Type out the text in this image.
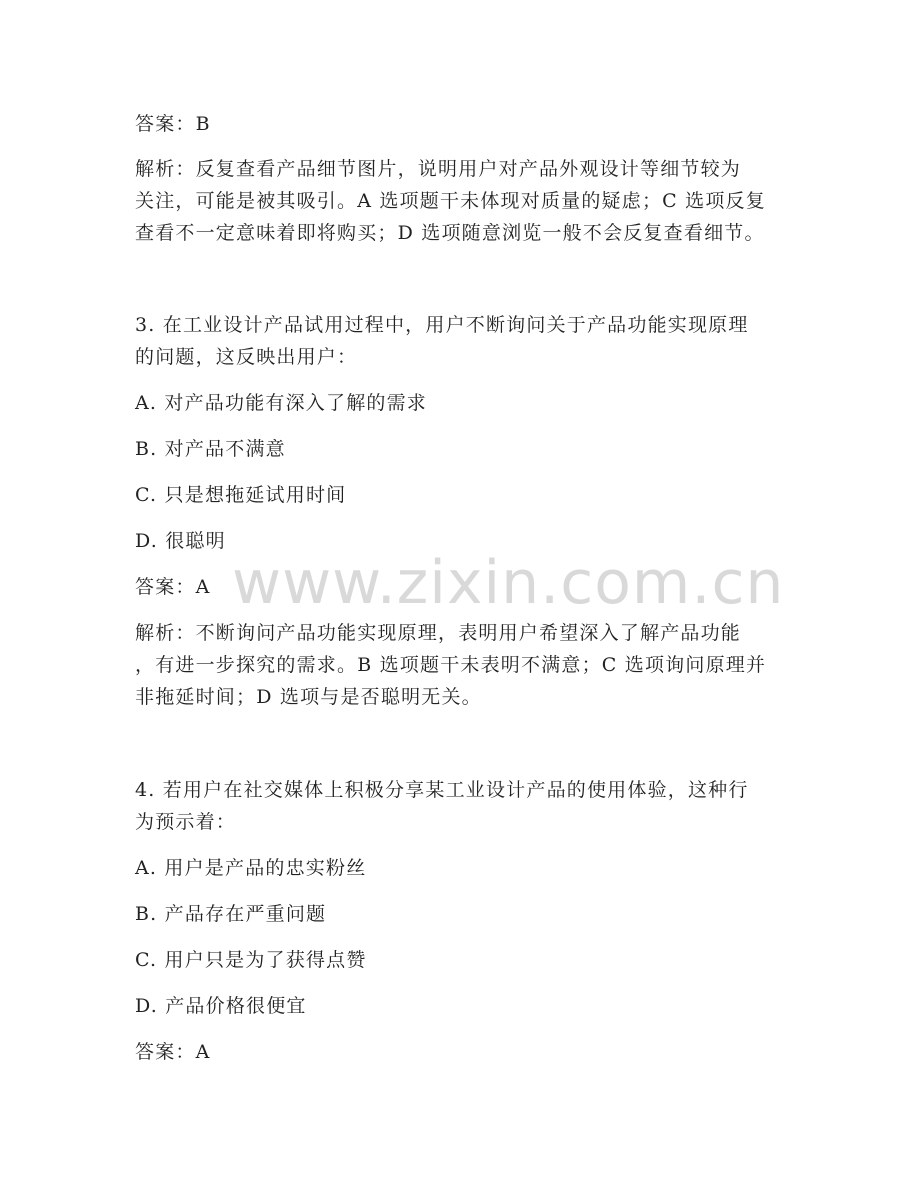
答案：B
解析：反复查看产品细节图片，说明用户对产品外观设计等细节较为
关注，可能是被其吸引。A 选项题干未体现对质量的疑虑；C 选项反复
查看不一定意味着即将购买；D 选项随意浏览一般不会反复查看细节。
3. 在工业设计产品试用过程中，用户不断询问关于产品功能实现原理
的问题，这反映出用户：
A. 对产品功能有深入了解的需求
B. 对产品不满意
C. 只是想拖延试用时间
D. 很聪明
答案：A
解析：不断询问产品功能实现原理，表明用户希望深入了解产品功能
，有进一步探究的需求。B 选项题干未表明不满意；C 选项询问原理并
非拖延时间；D 选项与是否聪明无关。
4. 若用户在社交媒体上积极分享某工业设计产品的使用体验，这种行
为预示着：
A. 用户是产品的忠实粉丝
B. 产品存在严重问题
C. 用户只是为了获得点赞
D. 产品价格很便宜
答案：A
www.zixin.com.cn
